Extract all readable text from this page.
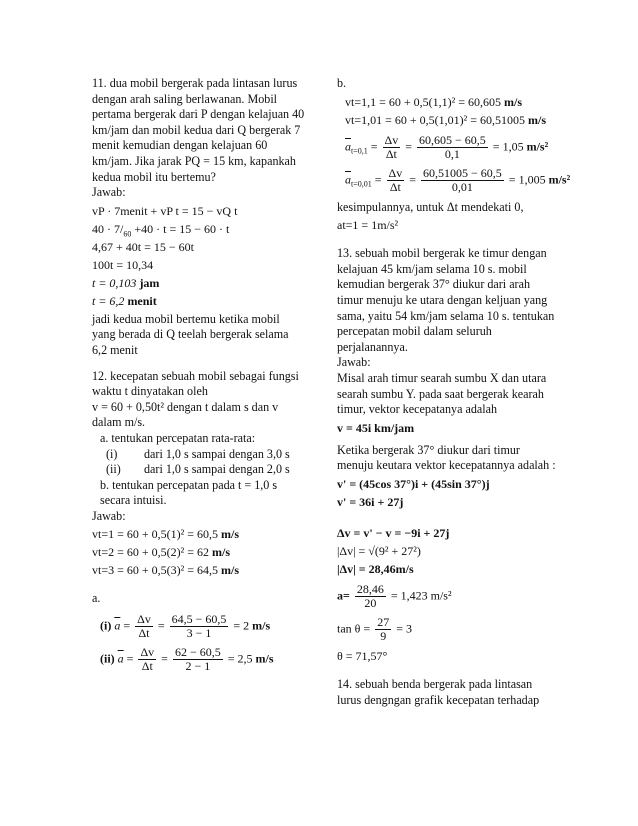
11. dua mobil bergerak pada lintasan lurus dengan arah saling berlawanan. Mobil pertama bergerak dari P dengan kelajuan 40 km/jam dan mobil kedua dari Q bergerak 7 menit kemudian dengan kelajuan 60 km/jam. Jika jarak PQ = 15 km, kapankah kedua mobil itu bertemu?

Jawab:

vP · 7menit + vP t = 15 − vQ t
$40 \cdot 7/_{60} +40 \cdot t = 15 - 60 \cdot t$
4,67 + 40t = 15 − 60t
100t = 10,34
t = 0,103 jam
t = 6,2 menit

jadi kedua mobil bertemu ketika mobil yang berada di Q teelah bergerak selama 6,2 menit

12. kecepatan sebuah mobil sebagai fungsi waktu t dinyatakan oleh

v = 60 + 0,50t² dengan t dalam s dan v dalam m/s.

a. tentukan percepatan rata-rata:

(i)	dari 1,0 s sampai dengan 3,0 s
(ii)	dari 1,0 s sampai dengan 2,0 s

b. tentukan percepatan pada t = 1,0 s secara intuisi.

Jawab:

vt=1 = 60 + 0,5(1)² = 60,5 m/s
vt=2 = 60 + 0,5(2)² = 62 m/s
vt=3 = 60 + 0,5(3)² = 64,5 m/s

a.

(i) $\overline{a} = \frac{\Delta v}{\Delta t} = \frac{64,5 - 60,5}{3 - 1} = 2$ m/s
(ii) $\overline{a} = \frac{\Delta v}{\Delta t} = \frac{62 - 60,5}{2 - 1} = 2,5$ m/s

b.

vt=1,1 = 60 + 0,5(1,1)² = 60,605 m/s
vt=1,01 = 60 + 0,5(1,01)² = 60,51005 m/s
$\overline{a}_{t=0,1} = \frac{\Delta v}{\Delta t} = \frac{60,605 - 60,5}{0,1} = 1,05$ m/s²
$\overline{a}_{t=0,01} = \frac{\Delta v}{\Delta t} = \frac{60,51005 - 60,5}{0,01} = 1,005$ m/s²

kesimpulannya, untuk Δt mendekati 0,

at=1 = 1m/s²

13. sebuah mobil bergerak ke timur dengan kelajuan 45 km/jam selama 10 s. mobil kemudian bergerak 37° diukur dari arah timur menuju ke utara dengan keljuan yang sama, yaitu 54 km/jam selama 10 s. tentukan percepatan mobil dalam seluruh perjalanannya.

Jawab:

Misal arah timur searah sumbu X dan utara searah sumbu Y. pada saat bergerak kearah timur, vektor kecepatanya adalah

v = 45i km/jam

Ketika bergerak 37° diukur dari timur menuju keutara vektor kecepatannya adalah :

v' = (45cos 37°)i + (45sin 37°)j
v' = 36i + 27j
Δv = v' − v = −9i + 27j
|Δv| = √(9² + 27²)
|Δv| = 28,46m/s
$a= \frac{28,46}{20} = 1,423$ m/s²
$\tan \theta = \frac{27}{9} = 3$
θ = 71,57°

14. sebuah benda bergerak pada lintasan lurus dengngan grafik kecepatan terhadap
